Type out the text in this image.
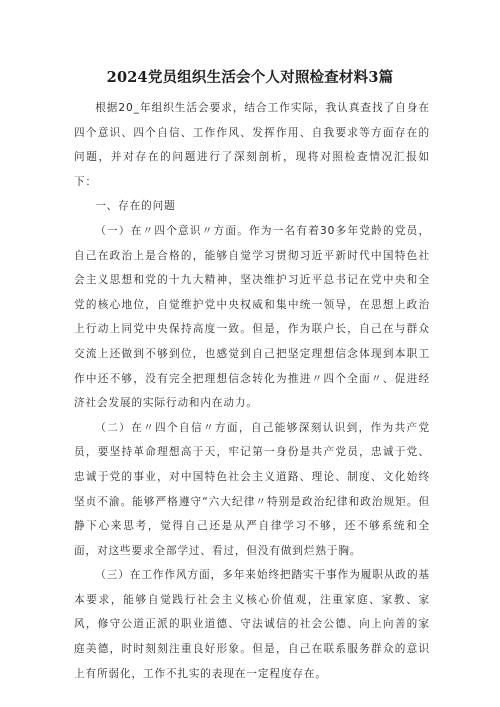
2024党员组织生活会个人对照检查材料3篇

根据20_年组织生活会要求，结合工作实际，我认真查找了自身在四个意识、四个自信、工作作风、发挥作用、自我要求等方面存在的问题，并对存在的问题进行了深刻剖析，现将对照检查情况汇报如下：

一、存在的问题

（一）在〃四个意识〃方面。作为一名有着30多年党龄的党员，自己在政治上是合格的，能够自觉学习贯彻习近平新时代中国特色社会主义思想和党的十九大精神，坚决维护习近平总书记在党中央和全党的核心地位，自觉维护党中央权威和集中统一领导，在思想上政治上行动上同党中央保持高度一致。但是，作为联户长，自己在与群众交流上还做到不够到位，也感觉到自己把坚定理想信念体现到本职工作中还不够，没有完全把理想信念转化为推进〃四个全面〃、促进经济社会发展的实际行动和内在动力。

（二）在〃四个自信〃方面，自己能够深刻认识到，作为共产党员，要坚持革命理想高于天，牢记第一身份是共产党员，忠诚于党、忠诚于党的事业，对中国特色社会主义道路、理论、制度、文化始终坚贞不渝。能够严格遵守“六大纪律〃特别是政治纪律和政治规矩。但静下心来思考，觉得自己还是从严自律学习不够，还不够系统和全面，对这些要求全部学过、看过，但没有做到烂熟于胸。

（三）在工作作风方面，多年来始终把踏实干事作为履职从政的基本要求，能够自觉践行社会主义核心价值观，注重家庭、家教、家风，修守公道正派的职业道德、守法诚信的社会公德、向上向善的家庭美德，时时刻刻注重良好形象。但是，自己在联系服务群众的意识上有所弱化，工作不扎实的表现在一定程度存在。
